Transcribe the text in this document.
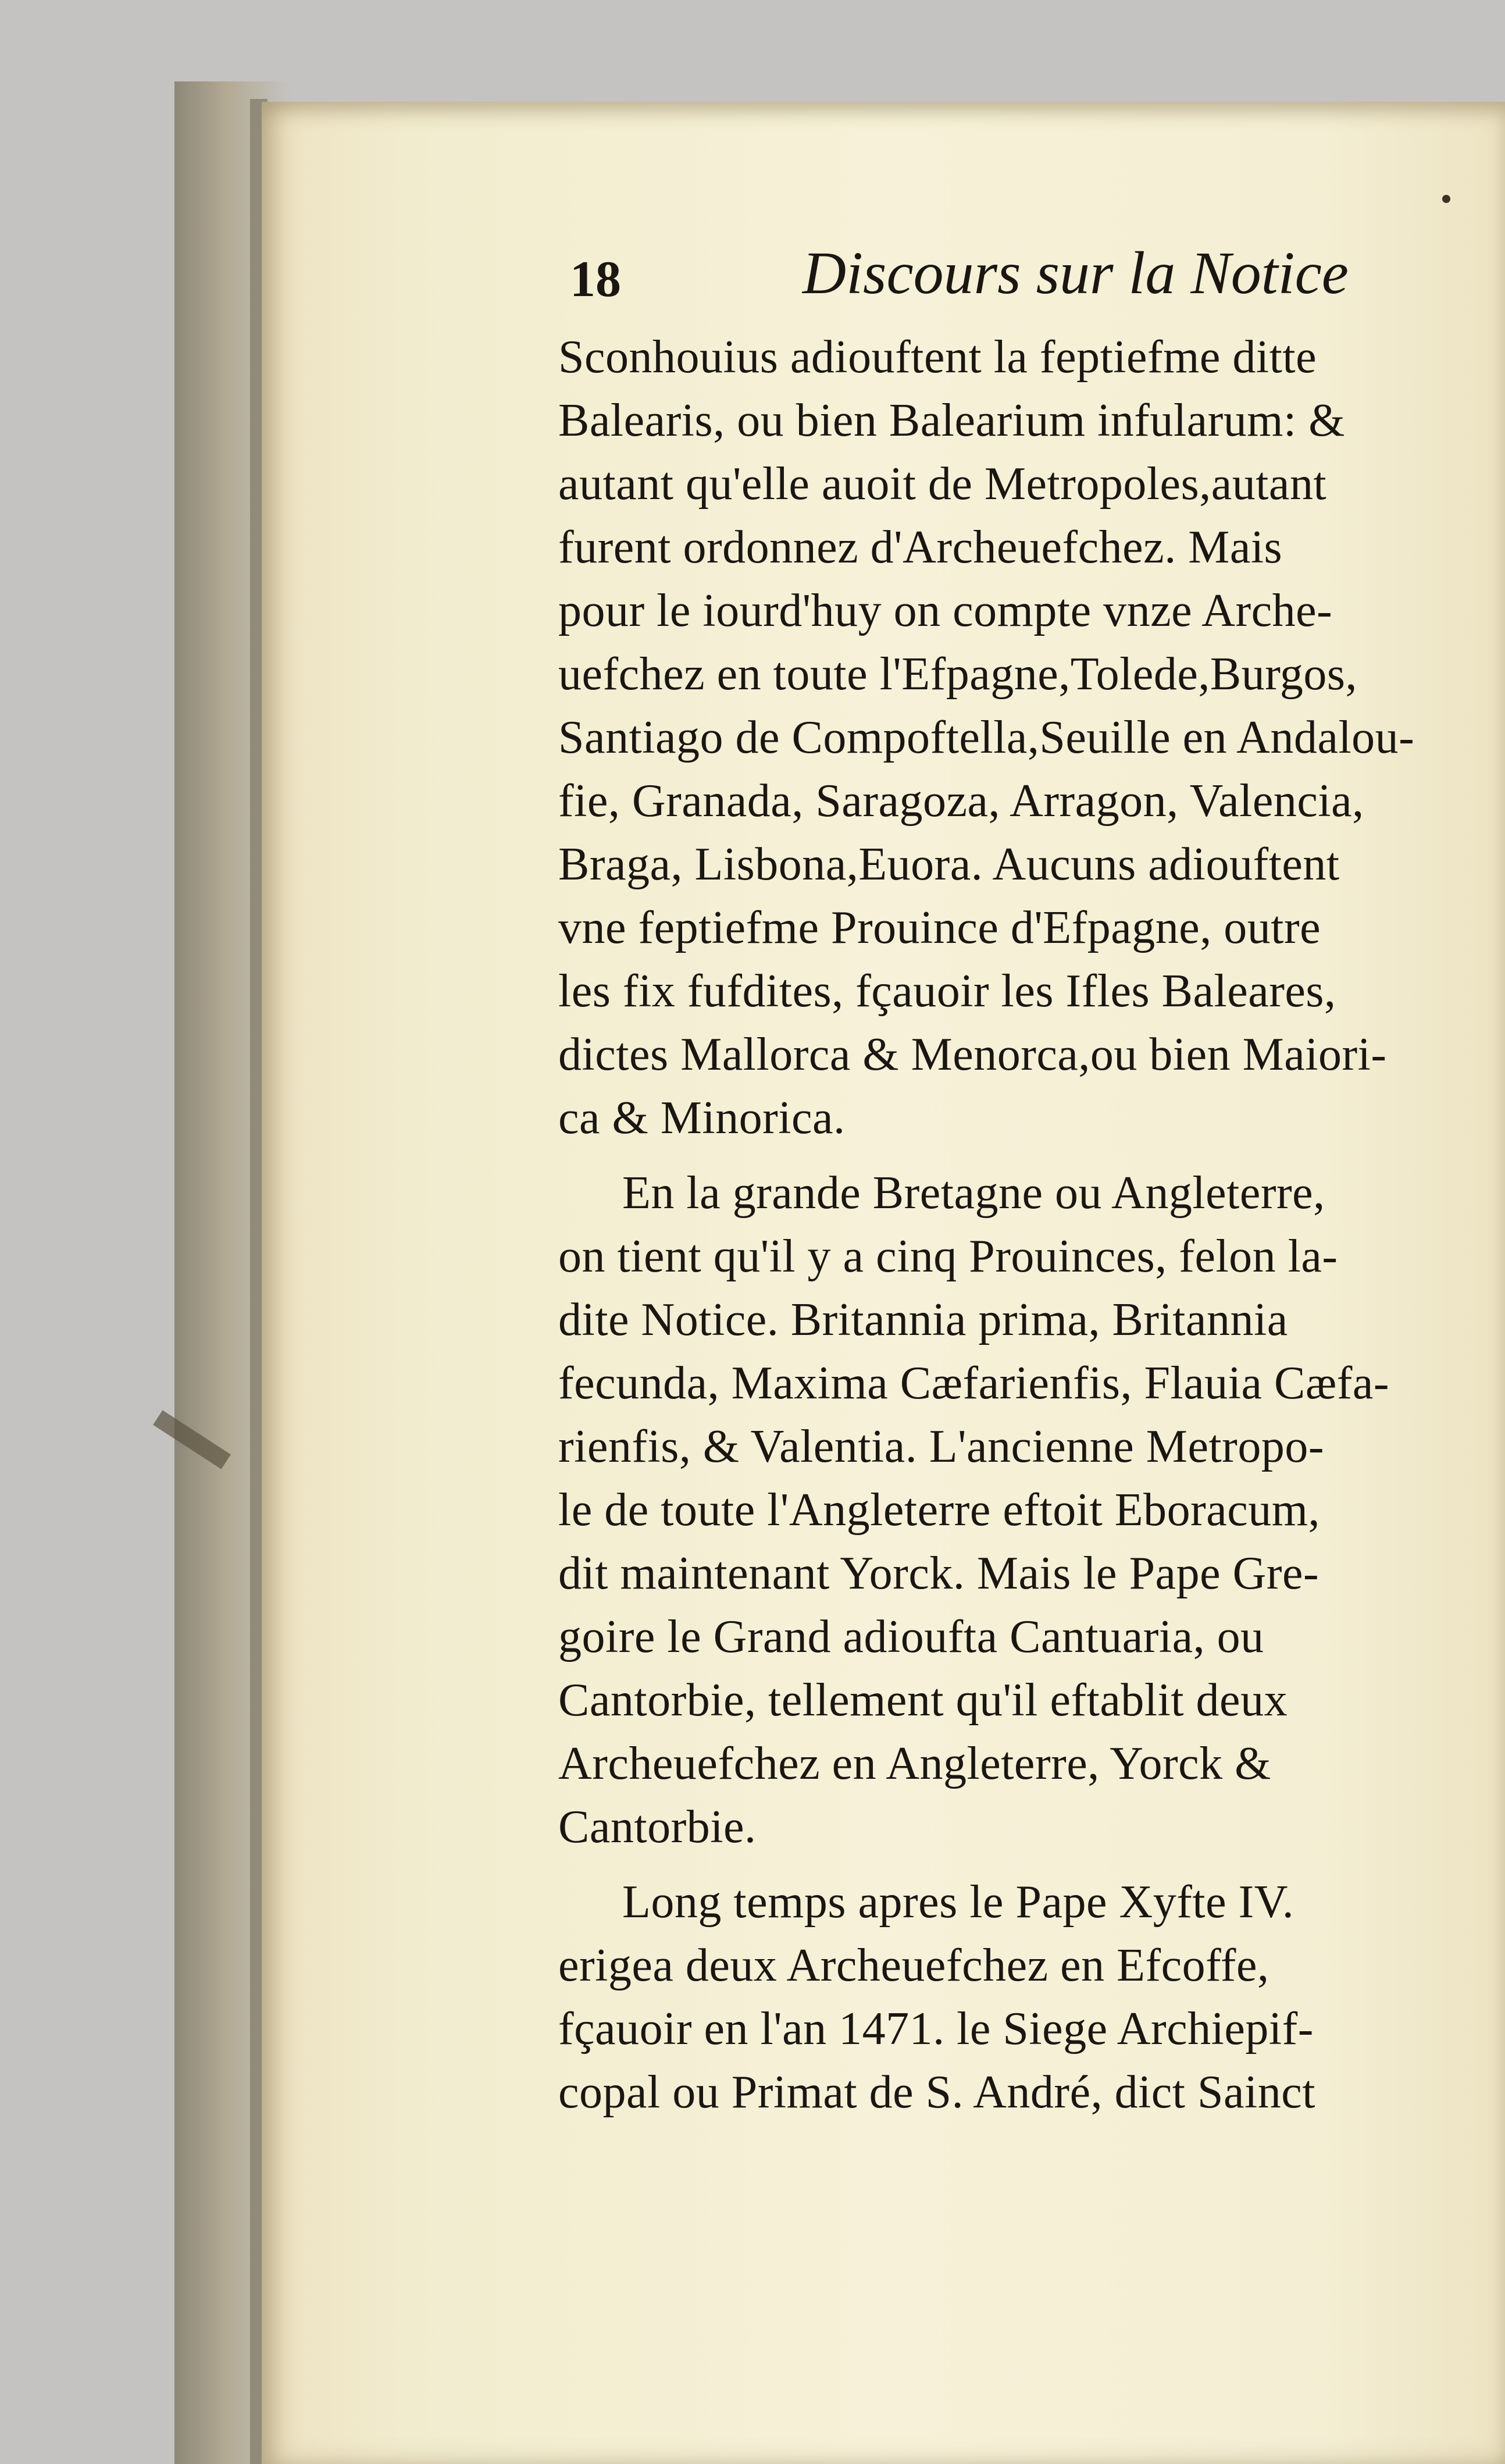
18	Discours sur la Notice
Sconhouius adiouftent la feptiefme ditte
Balearis, ou bien Balearium infularum: &
autant qu'elle auoit de Metropoles,autant
furent ordonnez d'Archeuefchez. Mais
pour le iourd'huy on compte vnze Arche-
uefchez en toute l'Efpagne,Tolede,Burgos,
Santiago de Compoftella,Seuille en Andalou-
fie, Granada, Saragoza, Arragon, Valencia,
Braga, Lisbona,Euora. Aucuns adiouftent
vne feptiefme Prouince d'Efpagne, outre
les fix fufdites, fçauoir les Ifles Baleares,
dictes Mallorca & Menorca,ou bien Maiori-
ca & Minorica.
En la grande Bretagne ou Angleterre,
on tient qu'il y a cinq Prouinces, felon la-
dite Notice. Britannia prima, Britannia
fecunda, Maxima Cæfarienfis, Flauia Cæfa-
rienfis, & Valentia. L'ancienne Metropo-
le de toute l'Angleterre eftoit Eboracum,
dit maintenant Yorck. Mais le Pape Gre-
goire le Grand adioufta Cantuaria, ou
Cantorbie, tellement qu'il eftablit deux
Archeuefchez en Angleterre, Yorck &
Cantorbie.
Long temps apres le Pape Xyfte IV.
erigea deux Archeuefchez en Efcoffe,
fçauoir en l'an 1471. le Siege Archiepif-
copal ou Primat de S. André, dict Sainct
